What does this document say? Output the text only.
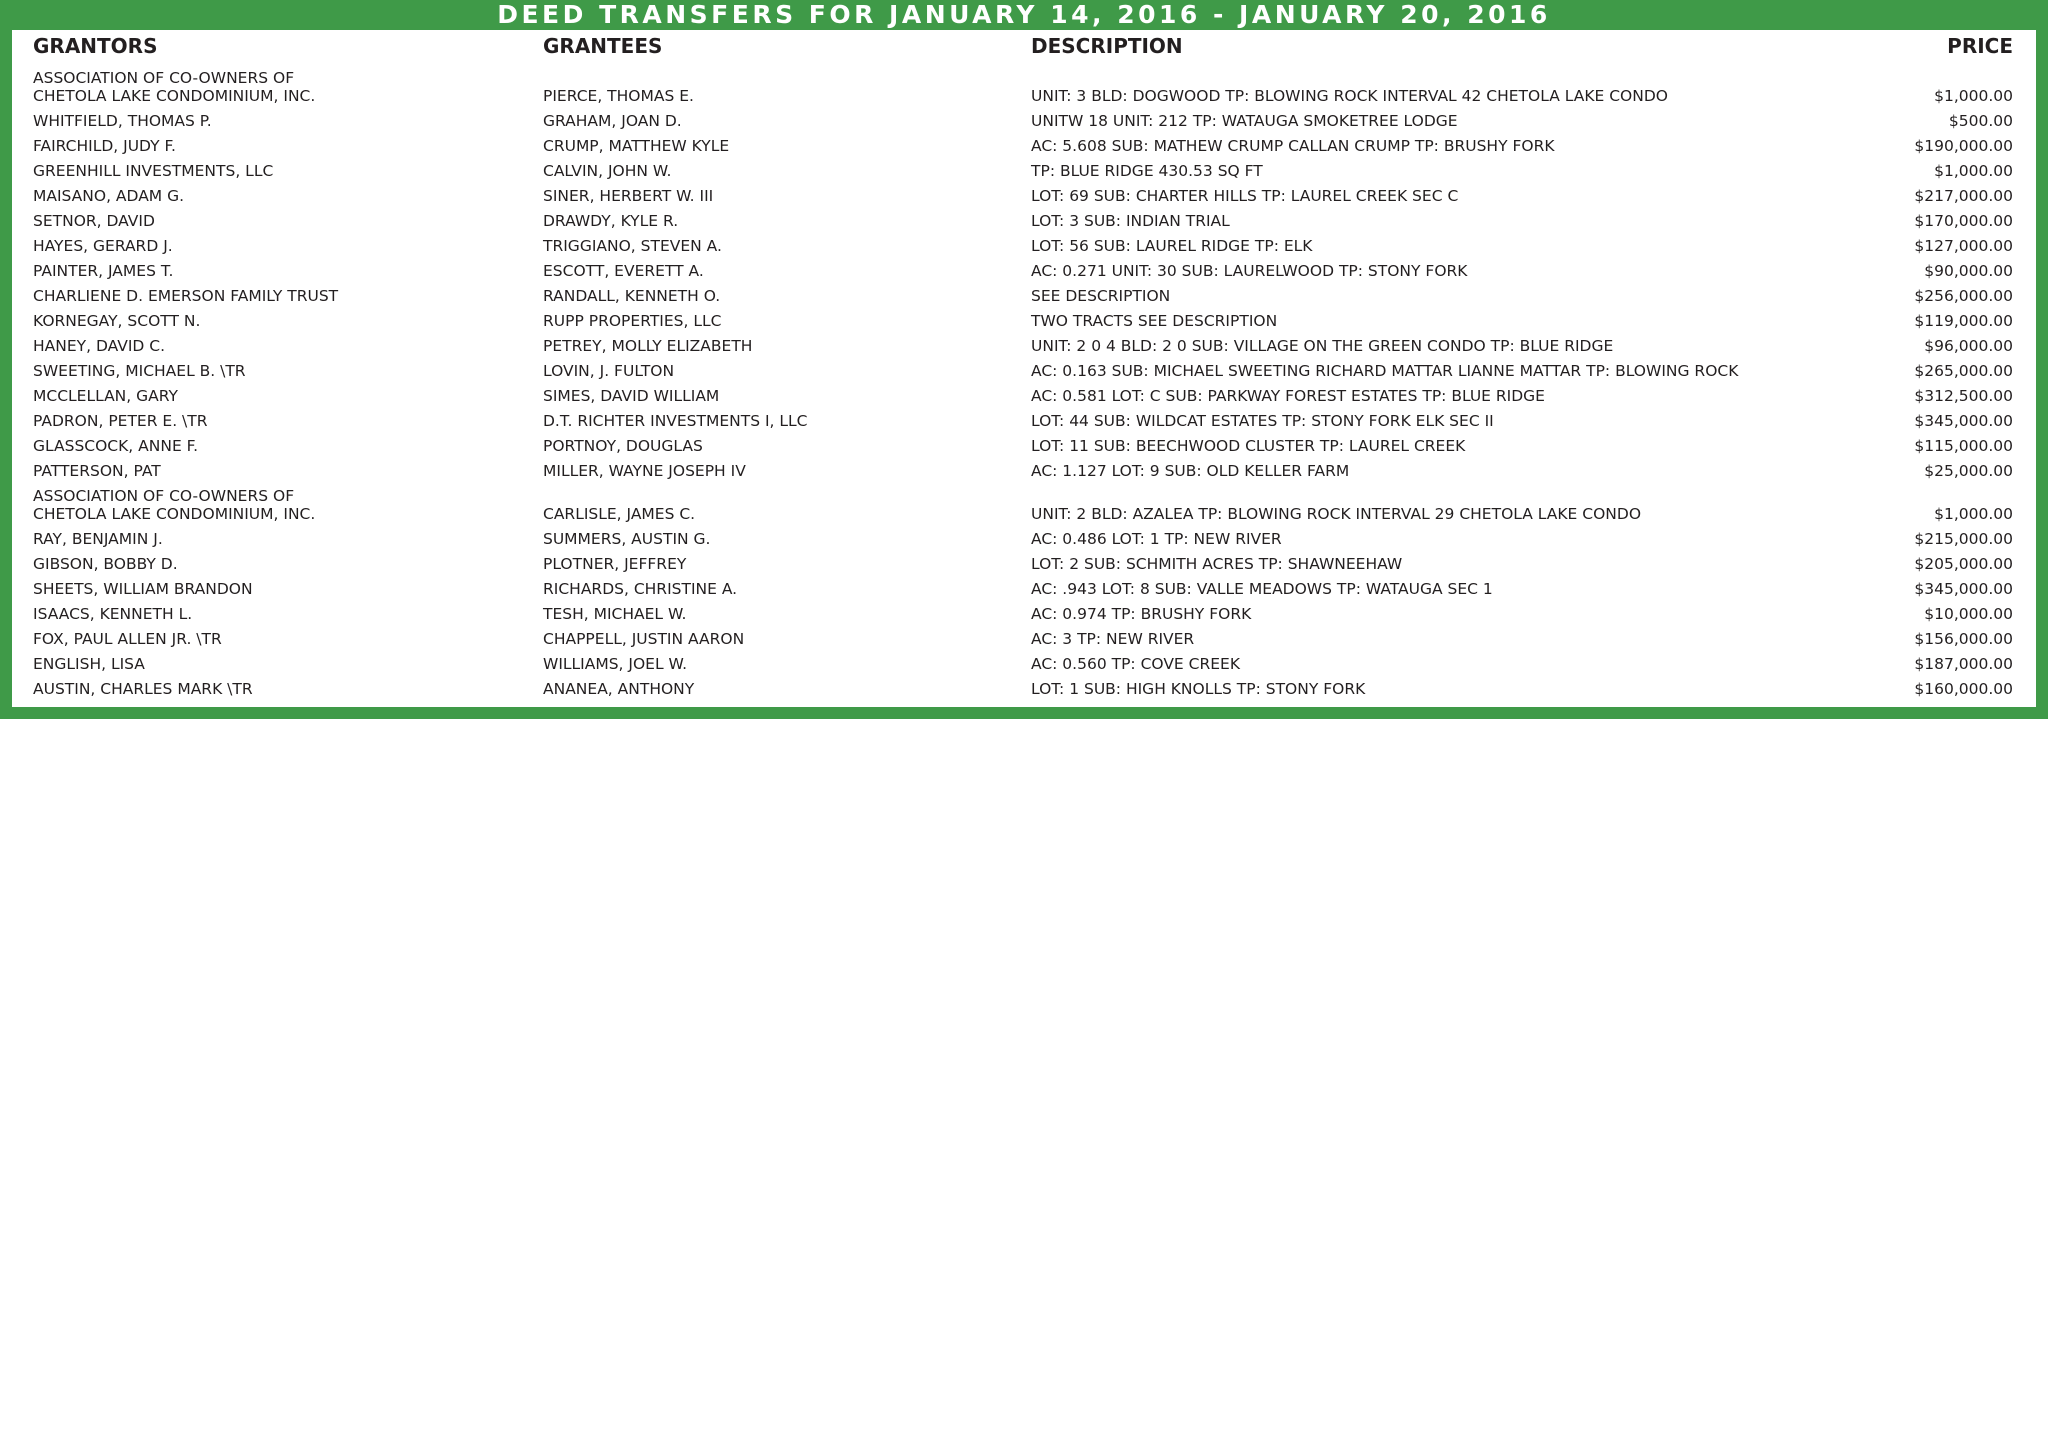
DEED TRANSFERS FOR JANUARY 14, 2016 - JANUARY 20, 2016
GRANTORS	GRANTEES	DESCRIPTION	PRICE
ASSOCIATION OF CO-OWNERS OF
CHETOLA LAKE CONDOMINIUM, INC.	PIERCE, THOMAS E.	UNIT: 3 BLD: DOGWOOD TP: BLOWING ROCK INTERVAL 42 CHETOLA LAKE CONDO	$1,000.00
WHITFIELD, THOMAS P.	GRAHAM, JOAN D.	UNITW 18 UNIT: 212 TP: WATAUGA SMOKETREE LODGE	$500.00
FAIRCHILD, JUDY F.	CRUMP, MATTHEW KYLE	AC: 5.608 SUB: MATHEW CRUMP CALLAN CRUMP TP: BRUSHY FORK	$190,000.00
GREENHILL INVESTMENTS, LLC	CALVIN, JOHN W.	TP: BLUE RIDGE 430.53 SQ FT	$1,000.00
MAISANO, ADAM G.	SINER, HERBERT W. III	LOT: 69 SUB: CHARTER HILLS TP: LAUREL CREEK SEC C	$217,000.00
SETNOR, DAVID	DRAWDY, KYLE R.	LOT: 3 SUB: INDIAN TRIAL	$170,000.00
HAYES, GERARD J.	TRIGGIANO, STEVEN A.	LOT: 56 SUB: LAUREL RIDGE TP: ELK	$127,000.00
PAINTER, JAMES T.	ESCOTT, EVERETT A.	AC: 0.271 UNIT: 30 SUB: LAURELWOOD TP: STONY FORK	$90,000.00
CHARLIENE D. EMERSON FAMILY TRUST	RANDALL, KENNETH O.	SEE DESCRIPTION	$256,000.00
KORNEGAY, SCOTT N.	RUPP PROPERTIES, LLC	TWO TRACTS SEE DESCRIPTION	$119,000.00
HANEY, DAVID C.	PETREY, MOLLY ELIZABETH	UNIT: 2 0 4 BLD: 2 0 SUB: VILLAGE ON THE GREEN CONDO TP: BLUE RIDGE	$96,000.00
SWEETING, MICHAEL B. \TR	LOVIN, J. FULTON	AC: 0.163 SUB: MICHAEL SWEETING RICHARD MATTAR LIANNE MATTAR TP: BLOWING ROCK	$265,000.00
MCCLELLAN, GARY	SIMES, DAVID WILLIAM	AC: 0.581 LOT: C SUB: PARKWAY FOREST ESTATES TP: BLUE RIDGE	$312,500.00
PADRON, PETER E. \TR	D.T. RICHTER INVESTMENTS I, LLC	LOT: 44 SUB: WILDCAT ESTATES TP: STONY FORK ELK SEC II	$345,000.00
GLASSCOCK, ANNE F.	PORTNOY, DOUGLAS	LOT: 11 SUB: BEECHWOOD CLUSTER TP: LAUREL CREEK	$115,000.00
PATTERSON, PAT	MILLER, WAYNE JOSEPH IV	AC: 1.127 LOT: 9 SUB: OLD KELLER FARM	$25,000.00
ASSOCIATION OF CO-OWNERS OF
CHETOLA LAKE CONDOMINIUM, INC.	CARLISLE, JAMES C.	UNIT: 2 BLD: AZALEA TP: BLOWING ROCK INTERVAL 29 CHETOLA LAKE CONDO	$1,000.00
RAY, BENJAMIN J.	SUMMERS, AUSTIN G.	AC: 0.486 LOT: 1 TP: NEW RIVER	$215,000.00
GIBSON, BOBBY D.	PLOTNER, JEFFREY	LOT: 2 SUB: SCHMITH ACRES TP: SHAWNEEHAW	$205,000.00
SHEETS, WILLIAM BRANDON	RICHARDS, CHRISTINE A.	AC: .943 LOT: 8 SUB: VALLE MEADOWS TP: WATAUGA SEC 1	$345,000.00
ISAACS, KENNETH L.	TESH, MICHAEL W.	AC: 0.974 TP: BRUSHY FORK	$10,000.00
FOX, PAUL ALLEN JR. \TR	CHAPPELL, JUSTIN AARON	AC: 3 TP: NEW RIVER	$156,000.00
ENGLISH, LISA	WILLIAMS, JOEL W.	AC: 0.560 TP: COVE CREEK	$187,000.00
AUSTIN, CHARLES MARK \TR	ANANEA, ANTHONY	LOT: 1 SUB: HIGH KNOLLS TP: STONY FORK	$160,000.00
